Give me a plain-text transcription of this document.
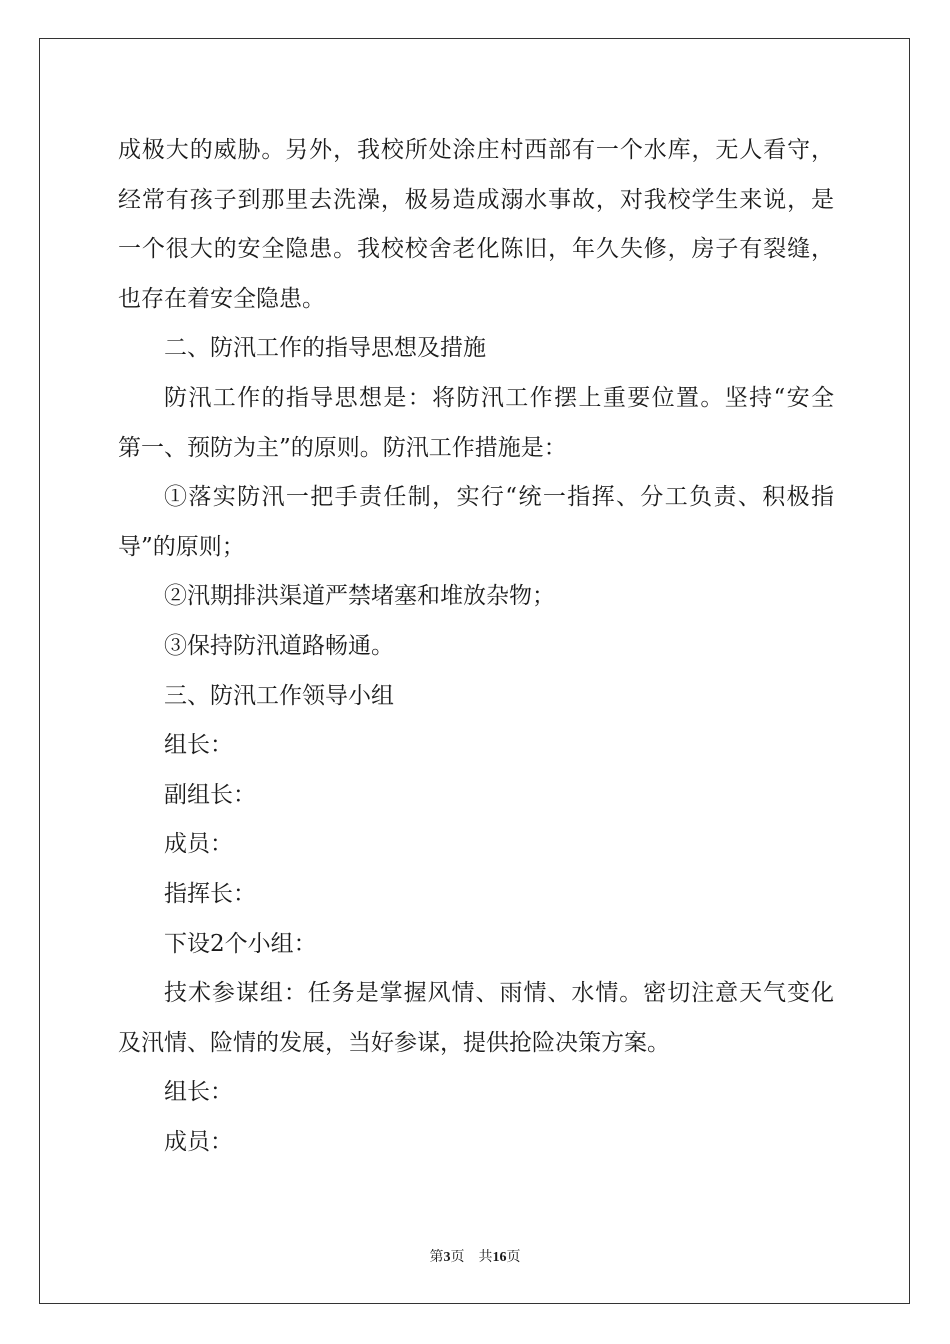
成极大的威胁。另外，我校所处涂庄村西部有一个水库，无人看守，
经常有孩子到那里去洗澡，极易造成溺水事故，对我校学生来说，是
一个很大的安全隐患。我校校舍老化陈旧，年久失修，房子有裂缝，
也存在着安全隐患。
二、防汛工作的指导思想及措施
防汛工作的指导思想是：将防汛工作摆上重要位置。坚持“安全
第一、预防为主”的原则。防汛工作措施是：
①落实防汛一把手责任制，实行“统一指挥、分工负责、积极指
导”的原则；
②汛期排洪渠道严禁堵塞和堆放杂物；
③保持防汛道路畅通。
三、防汛工作领导小组
组长：
副组长：
成员：
指挥长：
下设2个小组：
技术参谋组：任务是掌握风情、雨情、水情。密切注意天气变化
及汛情、险情的发展，当好参谋，提供抢险决策方案。
组长：
成员：
第3页 共16页
